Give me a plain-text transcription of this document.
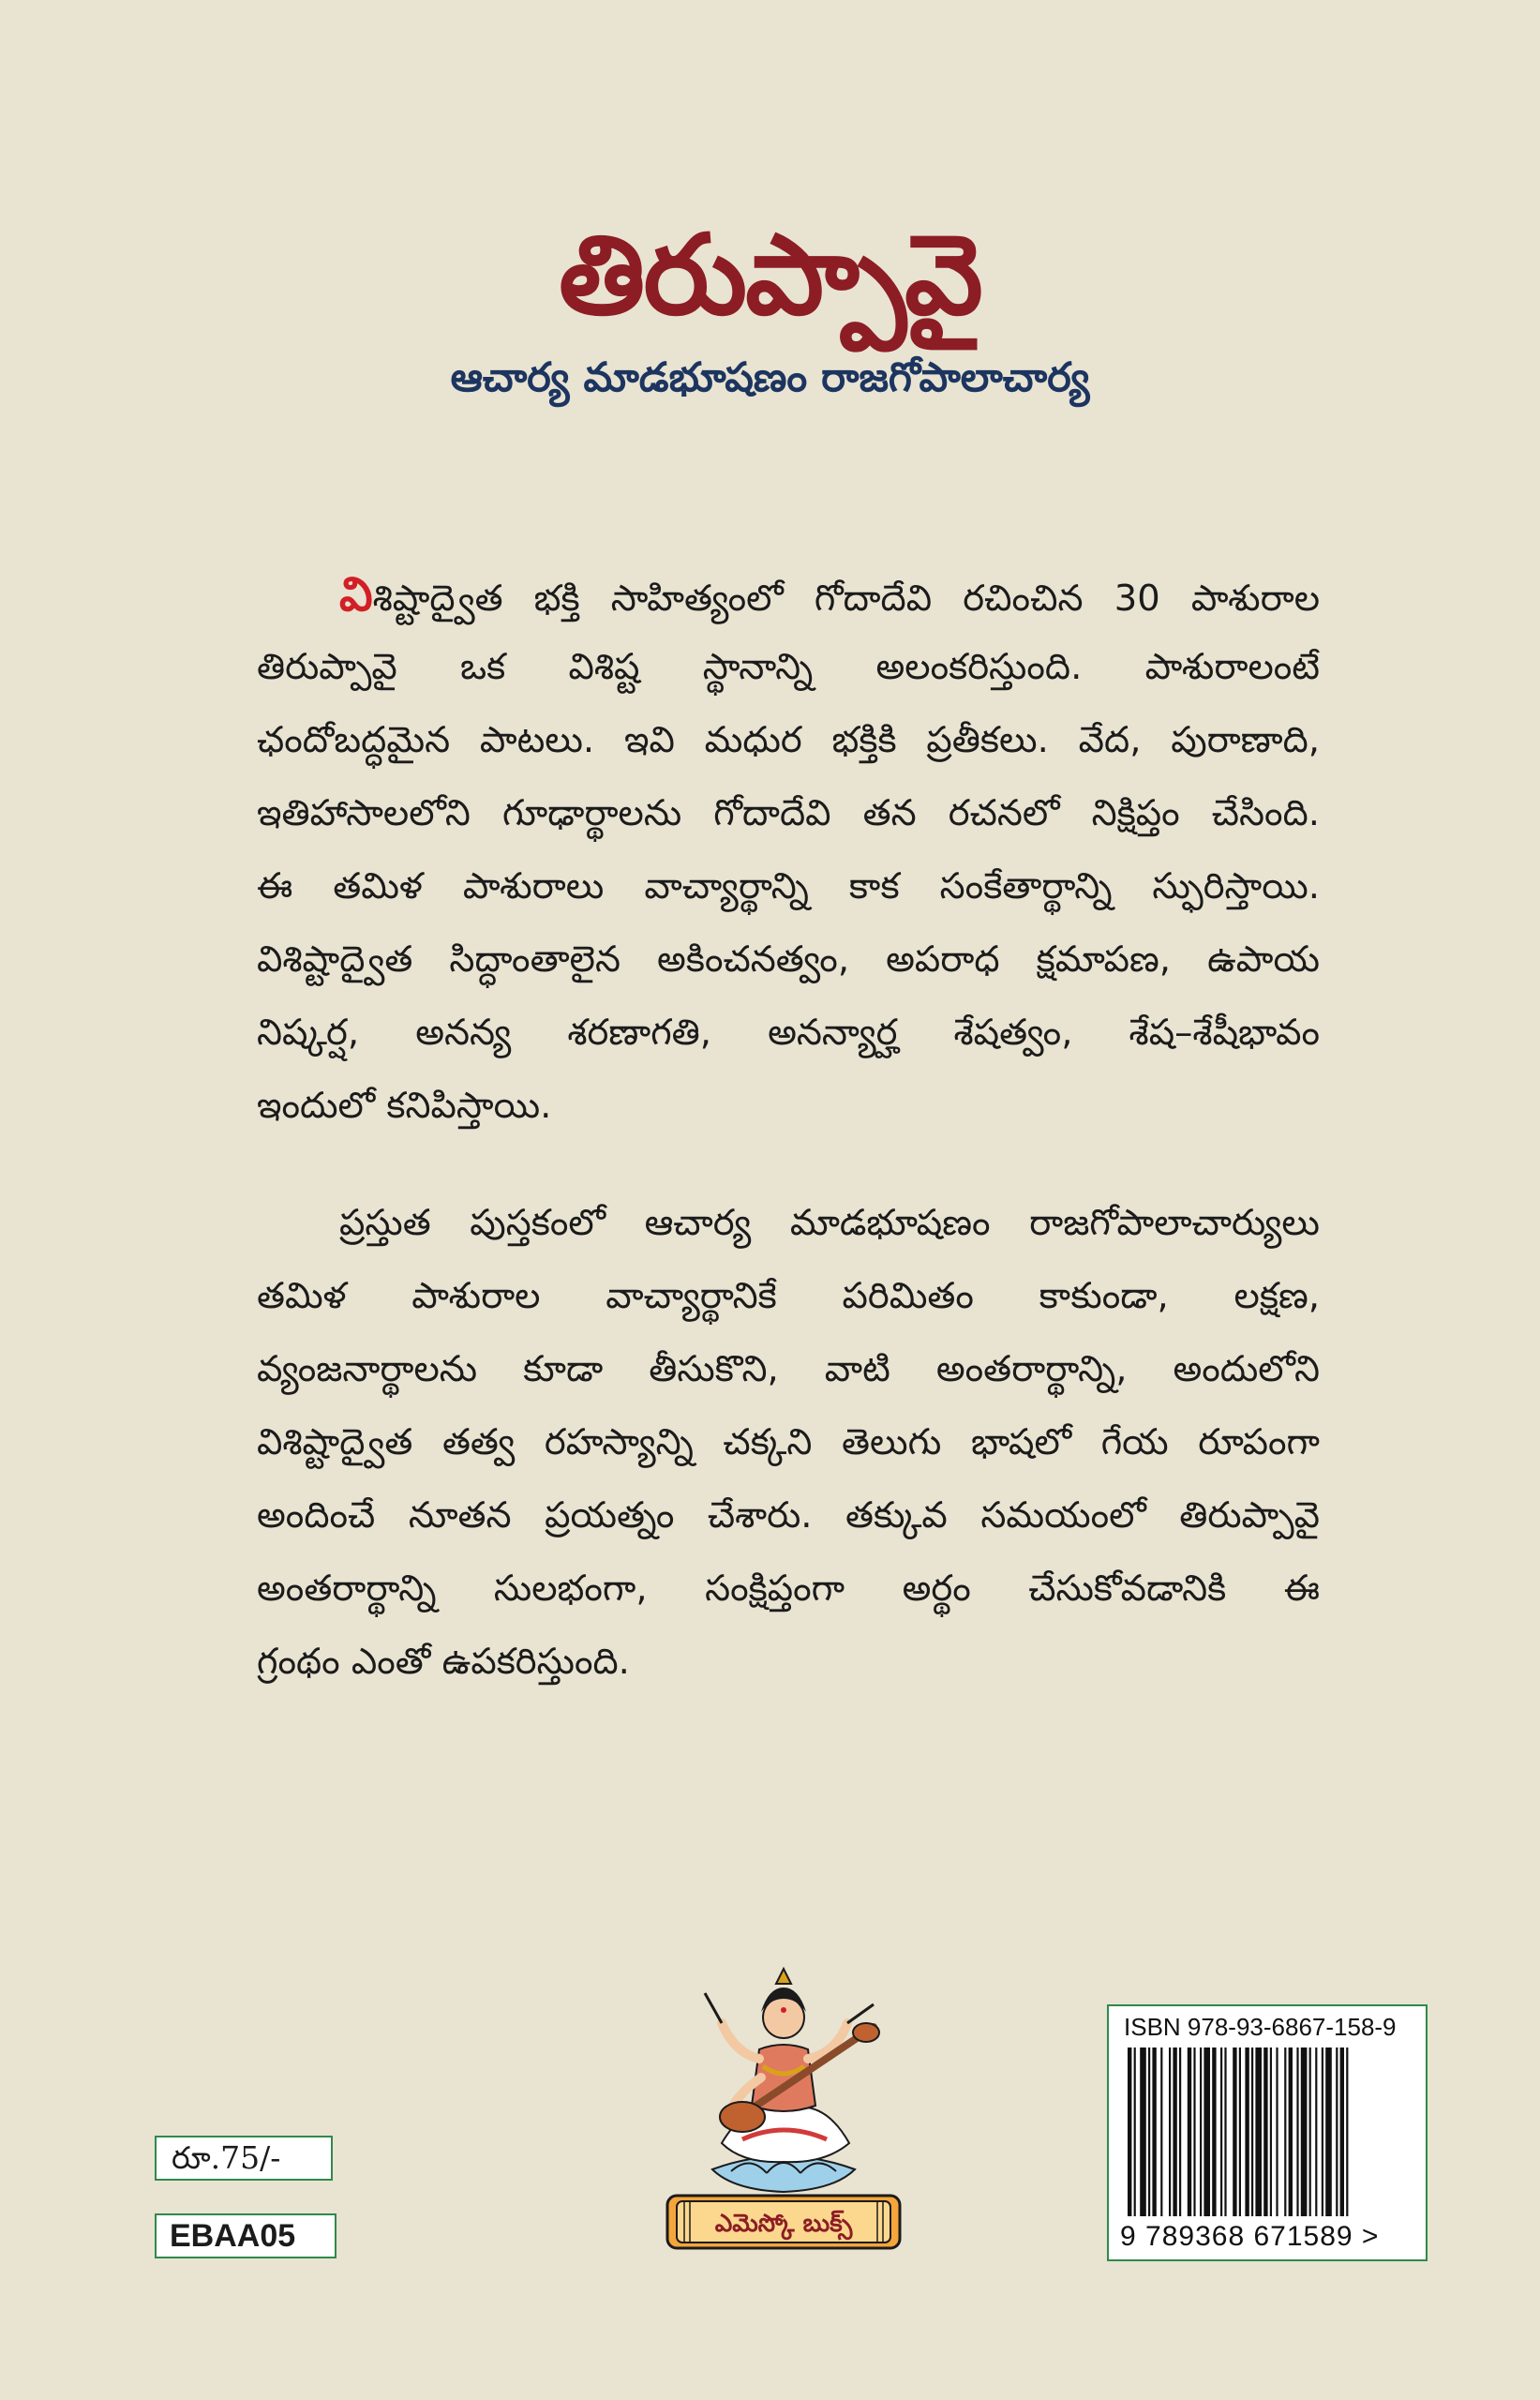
తిరుప్పావై
ఆచార్య మాడభూషణం రాజగోపాలాచార్య
విశిష్టాద్వైత భక్తి సాహిత్యంలో గోదాదేవి రచించిన 30 పాశురాల
తిరుప్పావై ఒక విశిష్ట స్థానాన్ని అలంకరిస్తుంది. పాశురాలంటే
ఛందోబద్ధమైన పాటలు. ఇవి మధుర భక్తికి ప్రతీకలు. వేద, పురాణాది,
ఇతిహాసాలలోని గూఢార్థాలను గోదాదేవి తన రచనలో నిక్షిప్తం చేసింది.
ఈ తమిళ పాశురాలు వాచ్యార్థాన్ని కాక సంకేతార్థాన్ని స్ఫురిస్తాయి.
విశిష్టాద్వైత సిద్ధాంతాలైన అకించనత్వం, అపరాధ క్షమాపణ, ఉపాయ
నిష్కర్ష, అనన్య శరణాగతి, అనన్యార్హ శేషత్వం, శేష–శేషీభావం
ఇందులో కనిపిస్తాయి.
ప్రస్తుత పుస్తకంలో ఆచార్య మాడభూషణం రాజగోపాలాచార్యులు
తమిళ పాశురాల వాచ్యార్థానికే పరిమితం కాకుండా, లక్షణ,
వ్యంజనార్థాలను కూడా తీసుకొని, వాటి అంతరార్థాన్ని, అందులోని
విశిష్టాద్వైత తత్వ రహస్యాన్ని చక్కని తెలుగు భాషలో గేయ రూపంగా
అందించే నూతన ప్రయత్నం చేశారు. తక్కువ సమయంలో తిరుప్పావై
అంతరార్థాన్ని సులభంగా, సంక్షిప్తంగా అర్థం చేసుకోవడానికి ఈ
గ్రంథం ఎంతో ఉపకరిస్తుంది.
ఎమెస్కో బుక్స్
రూ.75/-
EBAA05
ISBN 978-93-6867-158-9
9 789368 671589 >
